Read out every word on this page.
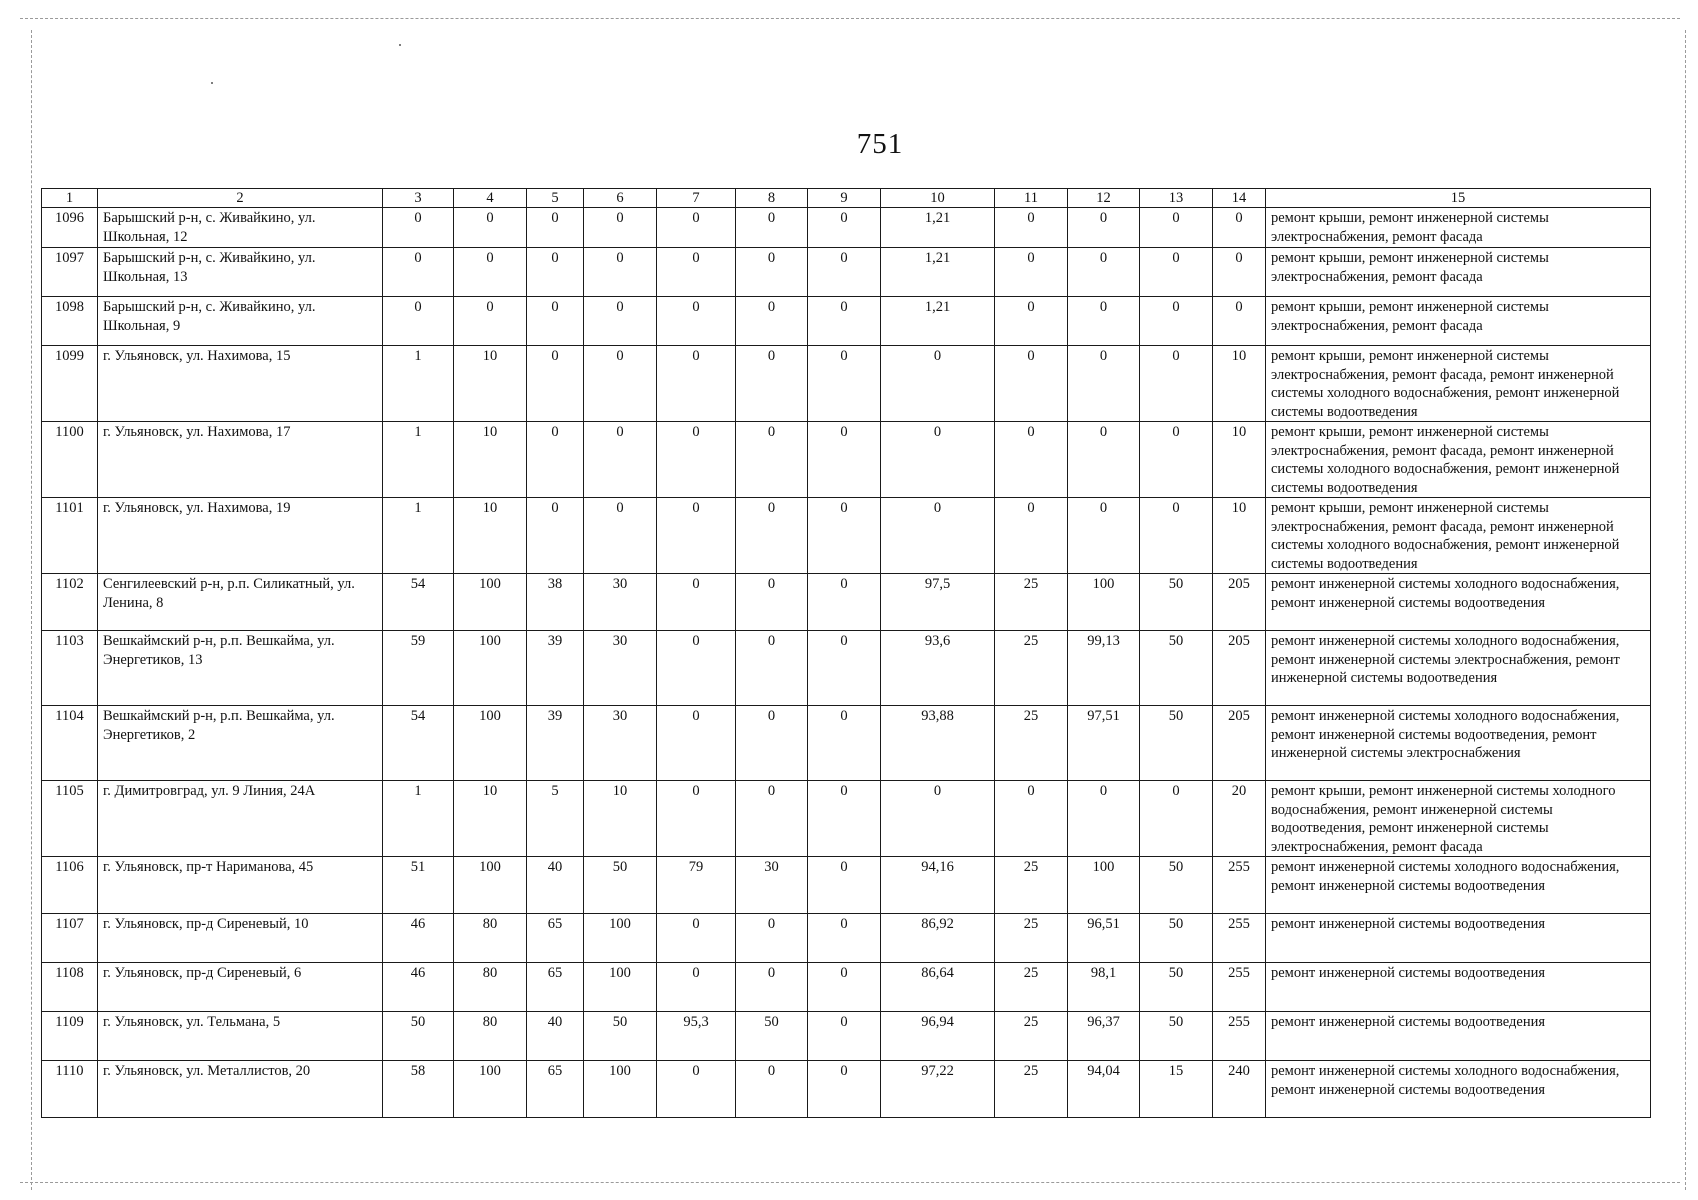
751
1	2	3	4	5	6	7	8	9	10	11	12	13	14	15
1096	Барышский р-н, с. Живайкино, ул. Школьная, 12	0	0	0	0	0	0	0	1,21	0	0	0	0	ремонт крыши, ремонт инженерной системы электроснабжения, ремонт фасада
1097	Барышский р-н, с. Живайкино, ул. Школьная, 13	0	0	0	0	0	0	0	1,21	0	0	0	0	ремонт крыши, ремонт инженерной системы электроснабжения, ремонт фасада
1098	Барышский р-н, с. Живайкино, ул. Школьная, 9	0	0	0	0	0	0	0	1,21	0	0	0	0	ремонт крыши, ремонт инженерной системы электроснабжения, ремонт фасада
1099	г. Ульяновск, ул. Нахимова, 15	1	10	0	0	0	0	0	0	0	0	0	10	ремонт крыши, ремонт инженерной системы электроснабжения, ремонт фасада, ремонт инженерной системы холодного водоснабжения, ремонт инженерной системы водоотведения
1100	г. Ульяновск, ул. Нахимова, 17	1	10	0	0	0	0	0	0	0	0	0	10	ремонт крыши, ремонт инженерной системы электроснабжения, ремонт фасада, ремонт инженерной системы холодного водоснабжения, ремонт инженерной системы водоотведения
1101	г. Ульяновск, ул. Нахимова, 19	1	10	0	0	0	0	0	0	0	0	0	10	ремонт крыши, ремонт инженерной системы электроснабжения, ремонт фасада, ремонт инженерной системы холодного водоснабжения, ремонт инженерной системы водоотведения
1102	Сенгилеевский р-н, р.п. Силикатный, ул. Ленина, 8	54	100	38	30	0	0	0	97,5	25	100	50	205	ремонт инженерной системы холодного водоснабжения, ремонт инженерной системы водоотведения
1103	Вешкаймский р-н, р.п. Вешкайма, ул. Энергетиков, 13	59	100	39	30	0	0	0	93,6	25	99,13	50	205	ремонт инженерной системы холодного водоснабжения, ремонт инженерной системы электроснабжения, ремонт инженерной системы водоотведения
1104	Вешкаймский р-н, р.п. Вешкайма, ул. Энергетиков, 2	54	100	39	30	0	0	0	93,88	25	97,51	50	205	ремонт инженерной системы холодного водоснабжения, ремонт инженерной системы водоотведения, ремонт инженерной системы электроснабжения
1105	г. Димитровград, ул. 9 Линия, 24А	1	10	5	10	0	0	0	0	0	0	0	20	ремонт крыши, ремонт инженерной системы холодного водоснабжения, ремонт инженерной системы водоотведения, ремонт инженерной системы электроснабжения, ремонт фасада
1106	г. Ульяновск, пр-т Нариманова, 45	51	100	40	50	79	30	0	94,16	25	100	50	255	ремонт инженерной системы холодного водоснабжения, ремонт инженерной системы водоотведения
1107	г. Ульяновск, пр-д Сиреневый, 10	46	80	65	100	0	0	0	86,92	25	96,51	50	255	ремонт инженерной системы водоотведения
1108	г. Ульяновск, пр-д Сиреневый, 6	46	80	65	100	0	0	0	86,64	25	98,1	50	255	ремонт инженерной системы водоотведения
1109	г. Ульяновск, ул. Тельмана, 5	50	80	40	50	95,3	50	0	96,94	25	96,37	50	255	ремонт инженерной системы водоотведения
1110	г. Ульяновск, ул. Металлистов, 20	58	100	65	100	0	0	0	97,22	25	94,04	15	240	ремонт инженерной системы холодного водоснабжения, ремонт инженерной системы водоотведения
